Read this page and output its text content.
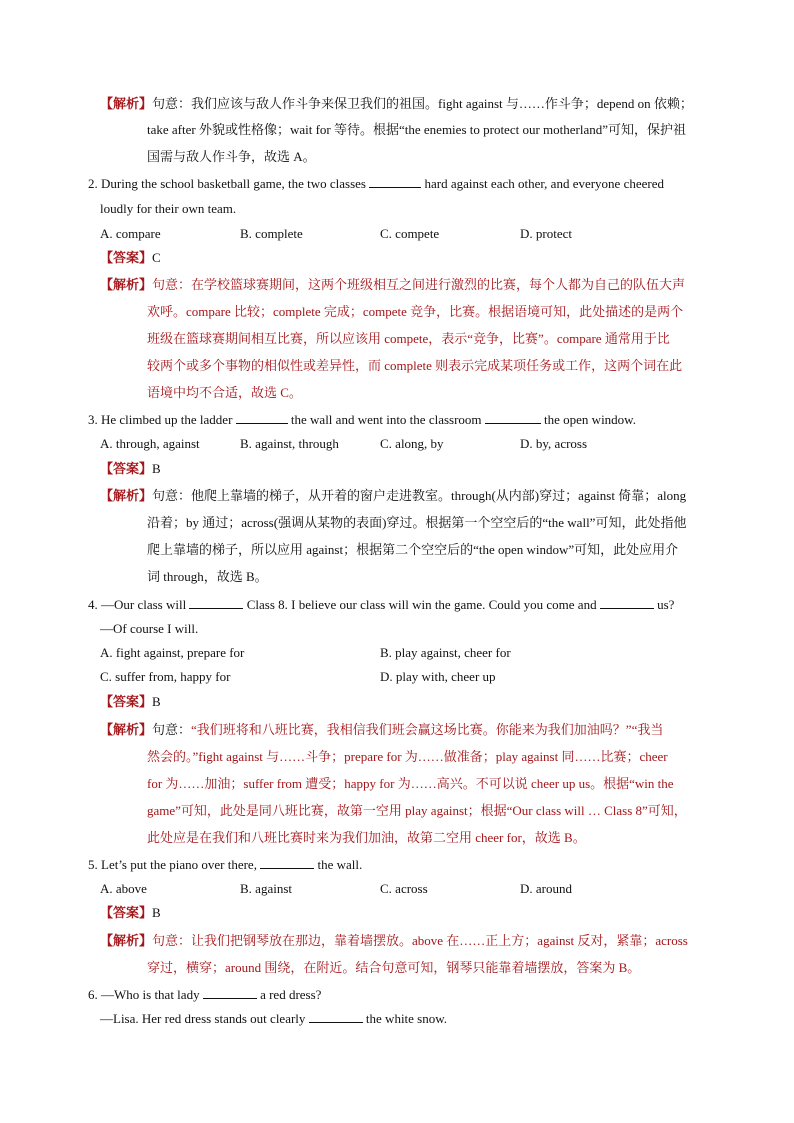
【解析】句意：我们应该与敌人作斗争来保卫我们的祖国。fight against 与……作斗争；depend on 依赖；
take after 外貌或性格像；wait for 等待。根据“the enemies to protect our motherland”可知，保护祖
国需与敌人作斗争，故选 A。
2. During the school basketball game, the two classes	hard against each other, and everyone cheered
loudly for their own team.
A. compare	B. complete	C. compete	D. protect
【答案】C
【解析】句意：在学校篮球赛期间，这两个班级相互之间进行激烈的比赛，每个人都为自己的队伍大声
欢呼。compare 比较；complete 完成；compete 竞争，比赛。根据语境可知，此处描述的是两个
班级在篮球赛期间相互比赛，所以应该用 compete，表示“竞争，比赛”。compare 通常用于比
较两个或多个事物的相似性或差异性，而 complete 则表示完成某项任务或工作，这两个词在此
语境中均不合适，故选 C。
3. He climbed up the ladder	the wall and went into the classroom	the open window.
A. through, against	B. against, through	C. along, by	D. by, across
【答案】B
【解析】句意：他爬上靠墙的梯子，从开着的窗户走进教室。through(从内部)穿过；against 倚靠；along
沿着；by 通过；across(强调从某物的表面)穿过。根据第一个空空后的“the wall”可知，此处指他
爬上靠墙的梯子，所以应用 against；根据第二个空空后的“the open window”可知，此处应用介
词 through，故选 B。
4. —Our class will	Class 8. I believe our class will win the game. Could you come and	us?
—Of course I will.
A. fight against, prepare for	B. play against, cheer for
C. suffer from, happy for	D. play with, cheer up
【答案】B
【解析】句意：“我们班将和八班比赛，我相信我们班会赢这场比赛。你能来为我们加油吗？”“我当
然会的。”fight against 与……斗争；prepare for 为……做准备；play against 同……比赛；cheer
for 为……加油；suffer from 遭受；happy for 为……高兴。不可以说 cheer up us。根据“win the
game”可知，此处是同八班比赛，故第一空用 play against；根据“Our class will … Class 8”可知，
此处应是在我们和八班比赛时来为我们加油，故第二空用 cheer for，故选 B。
5. Let’s put the piano over there,	the wall.
A. above	B. against	C. across	D. around
【答案】B
【解析】句意：让我们把钢琴放在那边，靠着墙摆放。above 在……正上方；against 反对，紧靠；across
穿过，横穿；around 围绕，在附近。结合句意可知，钢琴只能靠着墙摆放，答案为 B。
6. —Who is that lady	a red dress?
—Lisa. Her red dress stands out clearly	the white snow.
